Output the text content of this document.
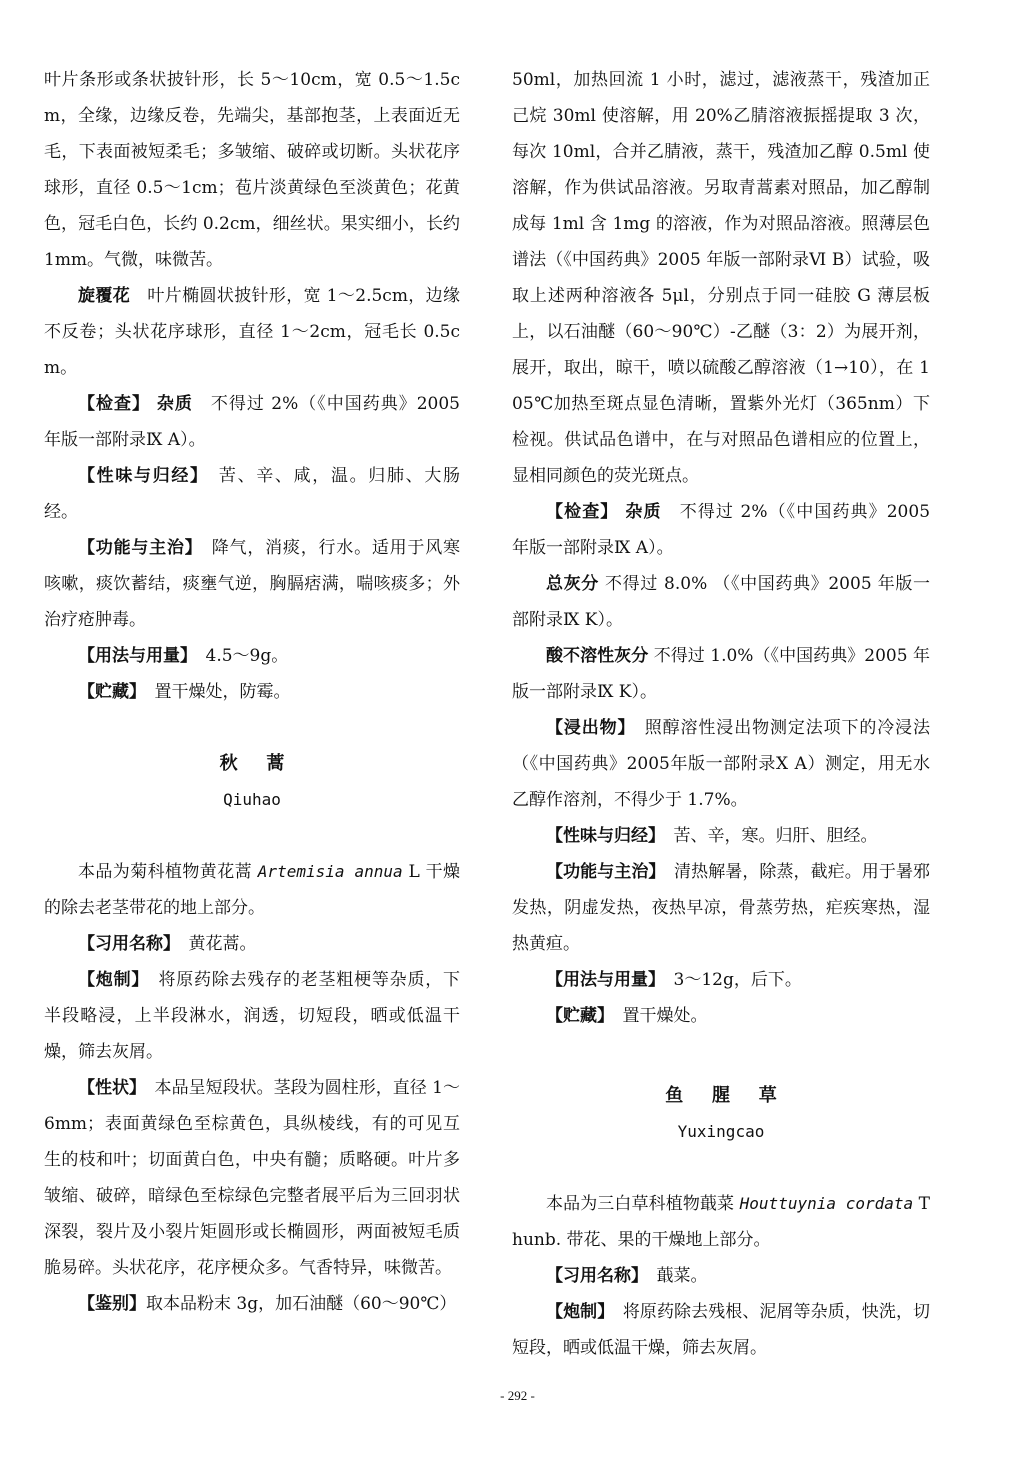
叶片条形或条状披针形，长 5～10cm，宽 0.5～1.5cm，全缘，边缘反卷，先端尖，基部抱茎，上表面近无毛，下表面被短柔毛；多皱缩、破碎或切断。头状花序球形，直径 0.5～1cm；苞片淡黄绿色至淡黄色；花黄色，冠毛白色，长约 0.2cm，细丝状。果实细小，长约 1mm。气微，味微苦。

旋覆花　叶片椭圆状披针形，宽 1～2.5cm，边缘不反卷；头状花序球形，直径 1～2cm，冠毛长 0.5cm。

【检查】 杂质　不得过 2%（《中国药典》2005 年版一部附录Ⅸ A）。

【性味与归经】　苦、辛、咸，温。归肺、大肠经。

【功能与主治】　降气，消痰，行水。适用于风寒咳嗽，痰饮蓄结，痰壅气逆，胸膈痞满，喘咳痰多；外治疗疮肿毒。

【用法与用量】　4.5～9g。

【贮藏】　置干燥处，防霉。

秋蒿

Qiuhao

本品为菊科植物黄花蒿 Artemisia annua L 干燥的除去老茎带花的地上部分。

【习用名称】　黄花蒿。

【炮制】　将原药除去残存的老茎粗梗等杂质，下半段略浸，上半段淋水，润透，切短段，晒或低温干燥，筛去灰屑。

【性状】　本品呈短段状。茎段为圆柱形，直径 1～6mm；表面黄绿色至棕黄色，具纵棱线，有的可见互生的枝和叶；切面黄白色，中央有髓；质略硬。叶片多皱缩、破碎，暗绿色至棕绿色完整者展平后为三回羽状深裂，裂片及小裂片矩圆形或长椭圆形，两面被短毛质脆易碎。头状花序，花序梗众多。气香特异，味微苦。

【鉴别】取本品粉末 3g，加石油醚（60～90℃）

50ml，加热回流 1 小时，滤过，滤液蒸干，残渣加正己烷 30ml 使溶解，用 20%乙腈溶液振摇提取 3 次，每次 10ml，合并乙腈液，蒸干，残渣加乙醇 0.5ml 使溶解，作为供试品溶液。另取青蒿素对照品，加乙醇制成每 1ml 含 1mg 的溶液，作为对照品溶液。照薄层色谱法（《中国药典》2005 年版一部附录Ⅵ B）试验，吸取上述两种溶液各 5μl，分别点于同一硅胶 G 薄层板上，以石油醚（60～90℃）-乙醚（3：2）为展开剂，展开，取出，晾干，喷以硫酸乙醇溶液（1→10），在 105℃加热至斑点显色清晰，置紫外光灯（365nm）下检视。供试品色谱中，在与对照品色谱相应的位置上，显相同颜色的荧光斑点。

【检查】 杂质　不得过 2%（《中国药典》2005 年版一部附录Ⅸ A）。

总灰分 不得过 8.0% （《中国药典》2005 年版一部附录Ⅸ K）。

酸不溶性灰分 不得过 1.0%（《中国药典》2005 年版一部附录Ⅸ K）。

【浸出物】　照醇溶性浸出物测定法项下的冷浸法（《中国药典》2005年版一部附录Ⅹ A）测定，用无水乙醇作溶剂，不得少于 1.7%。

【性味与归经】　苦、辛，寒。归肝、胆经。

【功能与主治】　清热解暑，除蒸，截疟。用于暑邪发热，阴虚发热，夜热早凉，骨蒸劳热，疟疾寒热，湿热黄疸。

【用法与用量】　3～12g，后下。

【贮藏】　置干燥处。

鱼腥草

Yuxingcao

本品为三白草科植物蕺菜 Houttuynia cordata Thunb. 带花、果的干燥地上部分。

【习用名称】　蕺菜。

【炮制】　将原药除去残根、泥屑等杂质，快洗，切短段，晒或低温干燥，筛去灰屑。

- 292 -
